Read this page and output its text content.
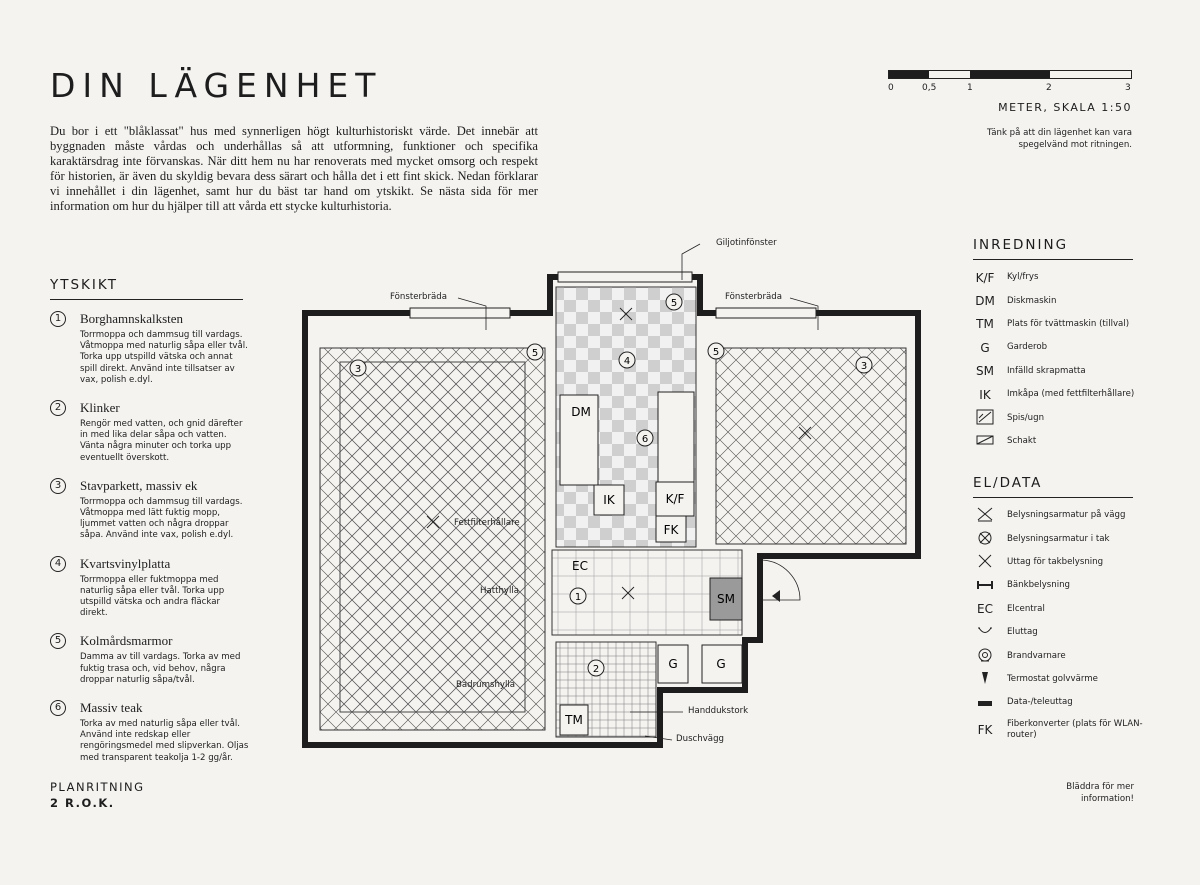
DIN LÄGENHET
Du bor i ett "blåklassat" hus med synnerligen högt kulturhistoriskt värde. Det innebär att byggnaden måste vårdas och underhållas så att utformning, funktioner och specifika karaktärsdrag inte förvanskas. När ditt hem nu har renoverats med mycket omsorg och respekt för historien, är även du skyldig bevara dess särart och hålla det i ett fint skick. Nedan förklarar vi innehållet i din lägenhet, samt hur du bäst tar hand om ytskikt. Se nästa sida för mer information om hur du hjälper till att vårda ett stycke kulturhistoria.
YTSKIKT
1	Borghamnskalksten
Torrmoppa och dammsug till vardags. Våtmoppa med naturlig såpa eller tvål. Torka upp utspilld vätska och annat spill direkt. Använd inte tillsatser av vax, polish e.dyl.
2	Klinker
Rengör med vatten, och gnid därefter in med lika delar såpa och vatten. Vänta några minuter och torka upp eventuellt överskott.
3	Stavparkett, massiv ek
Torrmoppa och dammsug till vardags. Våtmoppa med lätt fuktig mopp, ljummet vatten och några droppar såpa. Använd inte vax, polish e.dyl.
4	Kvartsvinylplatta
Torrmoppa eller fuktmoppa med naturlig såpa eller tvål. Torka upp utspilld vätska och andra fläckar direkt.
5	Kolmårdsmarmor
Damma av till vardags. Torka av med fuktig trasa och, vid behov, några droppar naturlig såpa/tvål.
6	Massiv teak
Torka av med naturlig såpa eller tvål. Använd inte redskap eller rengöringsmedel med slipverkan. Oljas med transparent teakolja 1-2 gg/år.
PLANRITNING
2 R.O.K.
0	0,5	1	2	3
METER, SKALA 1:50
Tänk på att din lägenhet kan vara spegelvänd mot ritningen.
INREDNING
K/F	Kyl/frys
DM Diskmaskin
TM	Plats för tvättmaskin (tillval)
G	Garderob
SM	Infälld skrapmatta
IK	Imkåpa (med fettfilterhållare)
Spis/ugn
Schakt
EL/DATA
Belysningsarmatur på vägg
Belysningsarmatur i tak
Uttag för takbelysning
Bänkbelysning
EC	Elcentral
Eluttag
Brandvarnare
Termostat golvvärme
Data-/teleuttag
FK	Fiberkonverter (plats för WLAN-router)
Bläddra för mer information!
1
2
3	3
4
5
5	5
6
DM
IK	K/F
FK
EC
SM
TM
G	G
Giljotinfönster
Fönsterbräda	Fönsterbräda
Fettfilterhållare
Hatthylla
Badrumshylla
Handdukstork
Duschvägg
